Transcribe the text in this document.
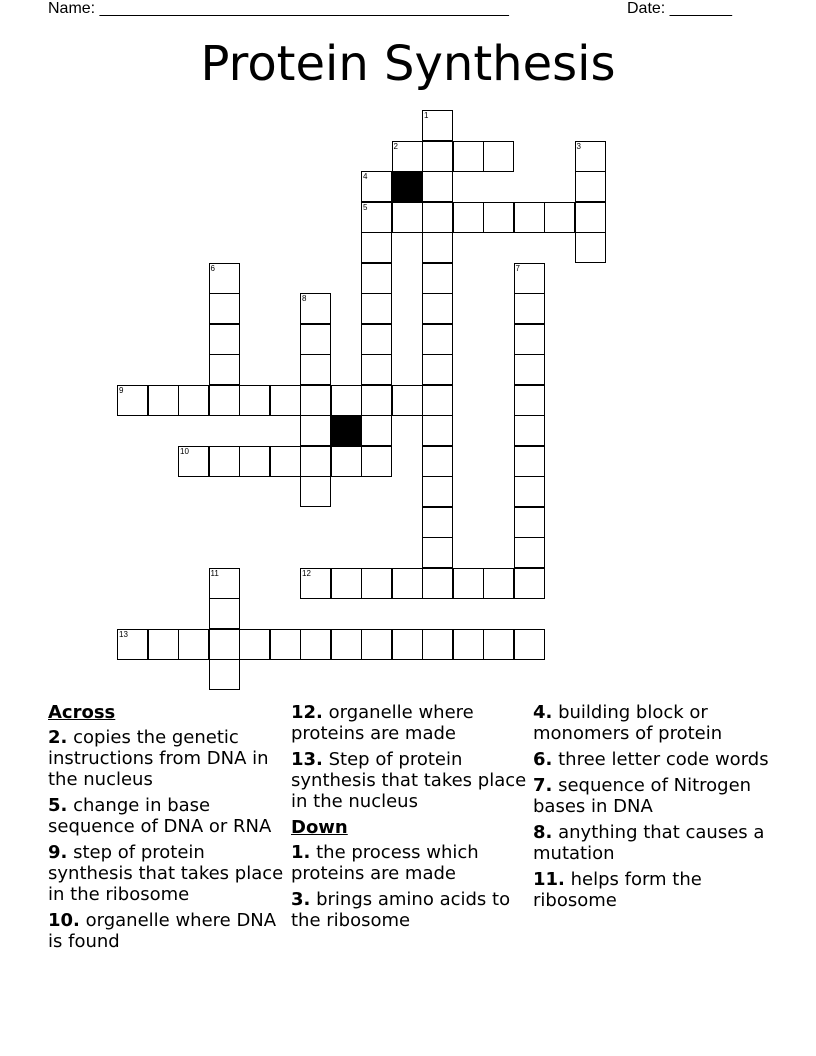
Name: ______________________________________________	Date: _______
Protein Synthesis
1
2	3
4
5
6	7
8
9
10
11	12
13
Across
2. copies the genetic instructions from DNA in the nucleus
5. change in base sequence of DNA or RNA
9. step of protein synthesis that takes place in the ribosome
10. organelle where DNA is found
12. organelle where proteins are made
13. Step of protein synthesis that takes place in the nucleus
Down
1. the process which proteins are made
3. brings amino acids to the ribosome
4. building block or monomers of protein
6. three letter code words
7. sequence of Nitrogen bases in DNA
8. anything that causes a mutation
11. helps form the ribosome
